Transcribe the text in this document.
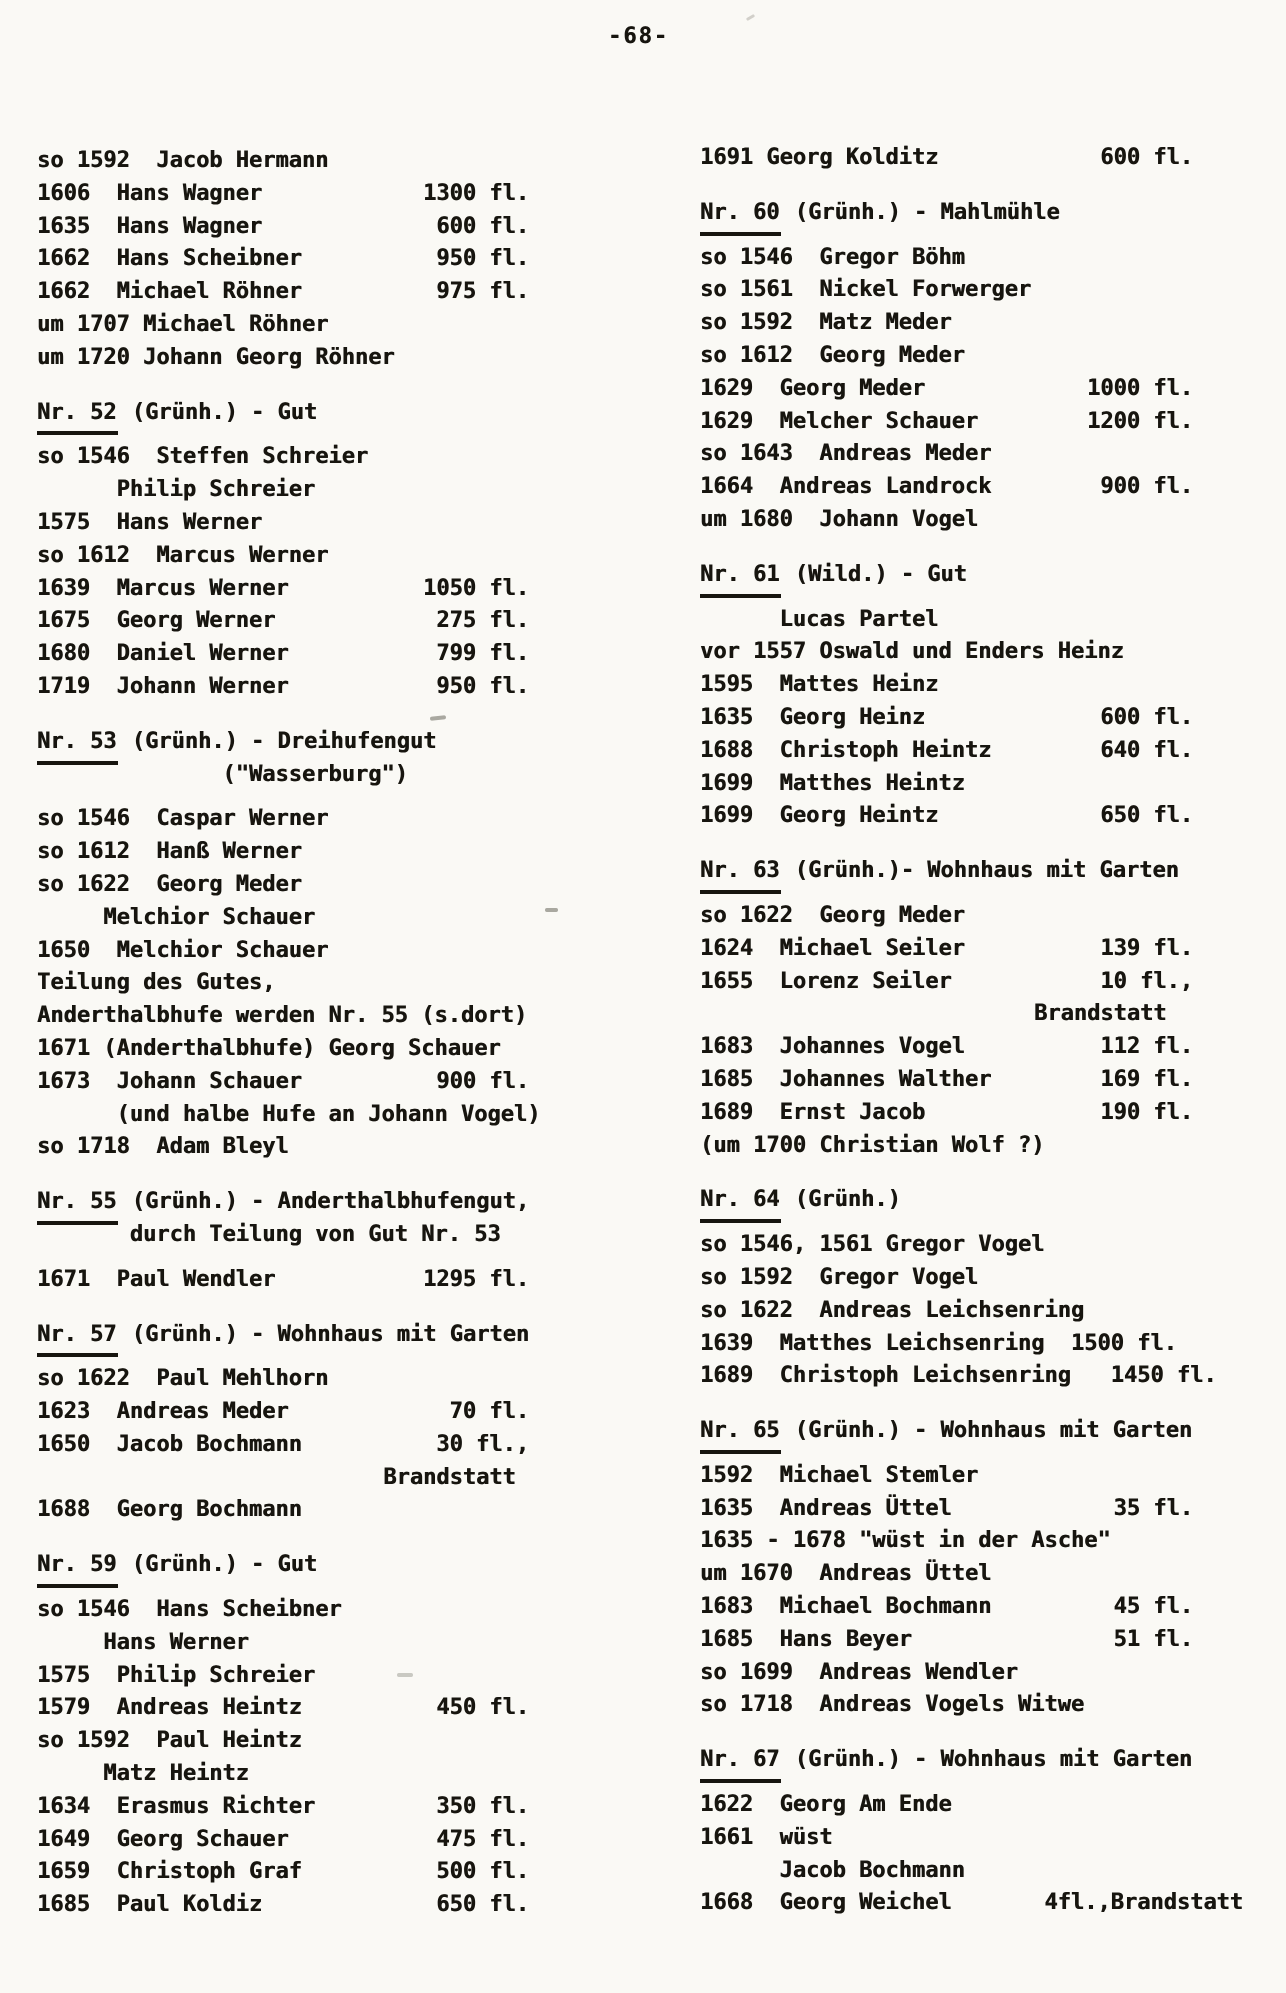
-68-
so 1592  Jacob Hermann
1606  Hans Wagner	1300 fl.
1635  Hans Wagner	600 fl.
1662  Hans Scheibner	950 fl.
1662  Michael Röhner	975 fl.
um 1707 Michael Röhner
um 1720 Johann Georg Röhner
Nr. 52 (Grünh.) - Gut
so 1546  Steffen Schreier
Philip Schreier
1575  Hans Werner
so 1612  Marcus Werner
1639  Marcus Werner	1050 fl.
1675  Georg Werner	275 fl.
1680  Daniel Werner	799 fl.
1719  Johann Werner	950 fl.
Nr. 53 (Grünh.) - Dreihufengut
("Wasserburg")
so 1546  Caspar Werner
so 1612  Hanß Werner
so 1622  Georg Meder
Melchior Schauer
1650  Melchior Schauer
Teilung des Gutes,
Anderthalbhufe werden Nr. 55 (s.dort)
1671 (Anderthalbhufe) Georg Schauer
1673  Johann Schauer	900 fl.
(und halbe Hufe an Johann Vogel)
so 1718  Adam Bleyl
Nr. 55 (Grünh.) - Anderthalbhufengut,
durch Teilung von Gut Nr. 53
1671  Paul Wendler	1295 fl.
Nr. 57 (Grünh.) - Wohnhaus mit Garten
so 1622  Paul Mehlhorn
1623  Andreas Meder	70 fl.
1650  Jacob Bochmann	30 fl.,
Brandstatt
1688  Georg Bochmann
Nr. 59 (Grünh.) - Gut
so 1546  Hans Scheibner
Hans Werner
1575  Philip Schreier
1579  Andreas Heintz	450 fl.
so 1592  Paul Heintz
Matz Heintz
1634  Erasmus Richter	350 fl.
1649  Georg Schauer	475 fl.
1659  Christoph Graf	500 fl.
1685  Paul Koldiz	650 fl.
1691 Georg Kolditz	600 fl.
Nr. 60 (Grünh.) - Mahlmühle
so 1546  Gregor Böhm
so 1561  Nickel Forwerger
so 1592  Matz Meder
so 1612  Georg Meder
1629  Georg Meder	1000 fl.
1629  Melcher Schauer	1200 fl.
so 1643  Andreas Meder
1664  Andreas Landrock	900 fl.
um 1680  Johann Vogel
Nr. 61 (Wild.) - Gut
Lucas Partel
vor 1557 Oswald und Enders Heinz
1595  Mattes Heinz
1635  Georg Heinz	600 fl.
1688  Christoph Heintz	640 fl.
1699  Matthes Heintz
1699  Georg Heintz	650 fl.
Nr. 63 (Grünh.)- Wohnhaus mit Garten
so 1622  Georg Meder
1624  Michael Seiler	139 fl.
1655  Lorenz Seiler	10 fl.,
Brandstatt
1683  Johannes Vogel	112 fl.
1685  Johannes Walther	169 fl.
1689  Ernst Jacob	190 fl.
(um 1700 Christian Wolf ?)
Nr. 64 (Grünh.)
so 1546, 1561 Gregor Vogel
so 1592  Gregor Vogel
so 1622  Andreas Leichsenring
1639  Matthes Leichsenring  1500 fl.
1689  Christoph Leichsenring   1450 fl.
Nr. 65 (Grünh.) - Wohnhaus mit Garten
1592  Michael Stemler
1635  Andreas Üttel	35 fl.
1635 - 1678 "wüst in der Asche"
um 1670  Andreas Üttel
1683  Michael Bochmann	45 fl.
1685  Hans Beyer	51 fl.
so 1699  Andreas Wendler
so 1718  Andreas Vogels Witwe
Nr. 67 (Grünh.) - Wohnhaus mit Garten
1622  Georg Am Ende
1661  wüst
Jacob Bochmann
1668  Georg Weichel       4fl.,Brandstatt
